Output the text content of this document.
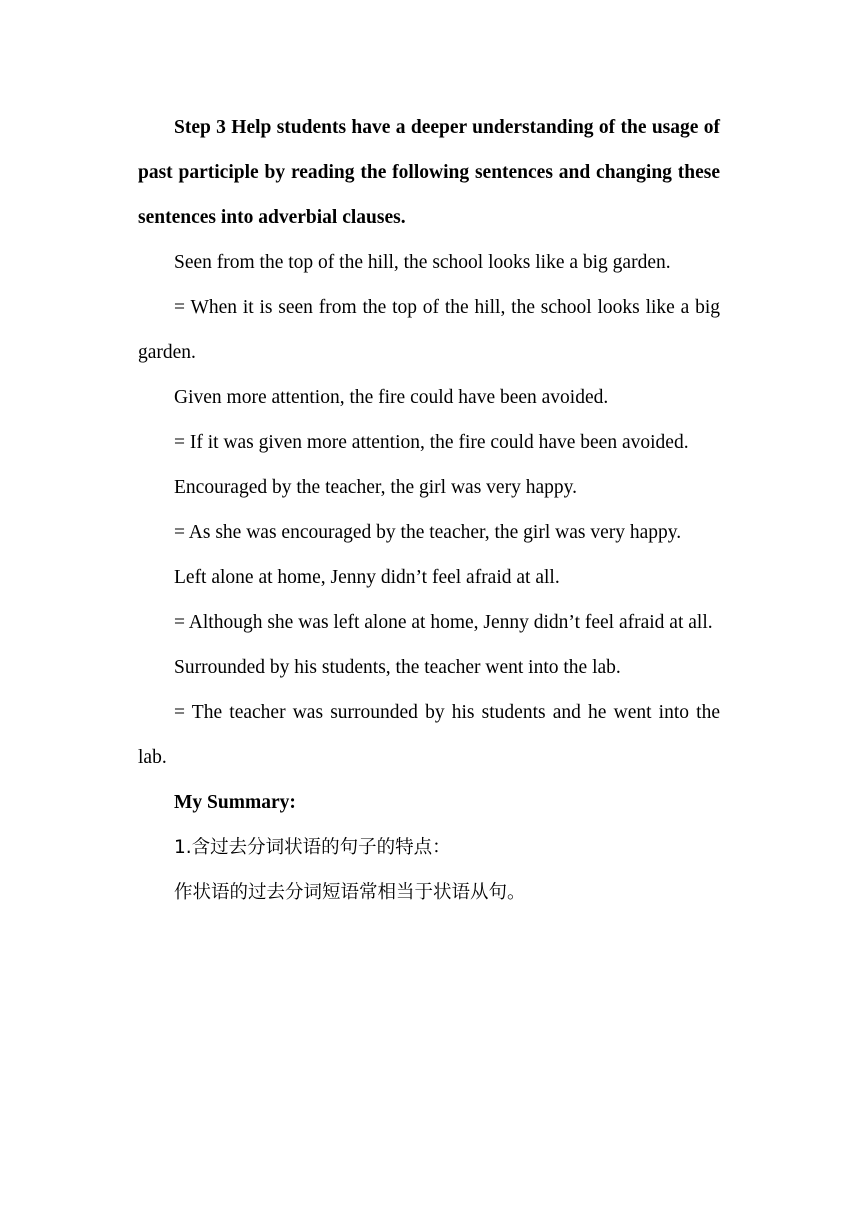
Step 3 Help students have a deeper understanding of the usage of past participle by reading the following sentences and changing these sentences into adverbial clauses.

Seen from the top of the hill, the school looks like a big garden.

= When it is seen from the top of the hill, the school looks like a big garden.

Given more attention, the fire could have been avoided.

= If it was given more attention, the fire could have been avoided.

Encouraged by the teacher, the girl was very happy.

= As she was encouraged by the teacher, the girl was very happy.

Left alone at home, Jenny didn’t feel afraid at all.

= Although she was left alone at home, Jenny didn’t feel afraid at all.

Surrounded by his students, the teacher went into the lab.

= The teacher was surrounded by his students and he went into the lab.

My Summary:

1.含过去分词状语的句子的特点：

作状语的过去分词短语常相当于状语从句。
